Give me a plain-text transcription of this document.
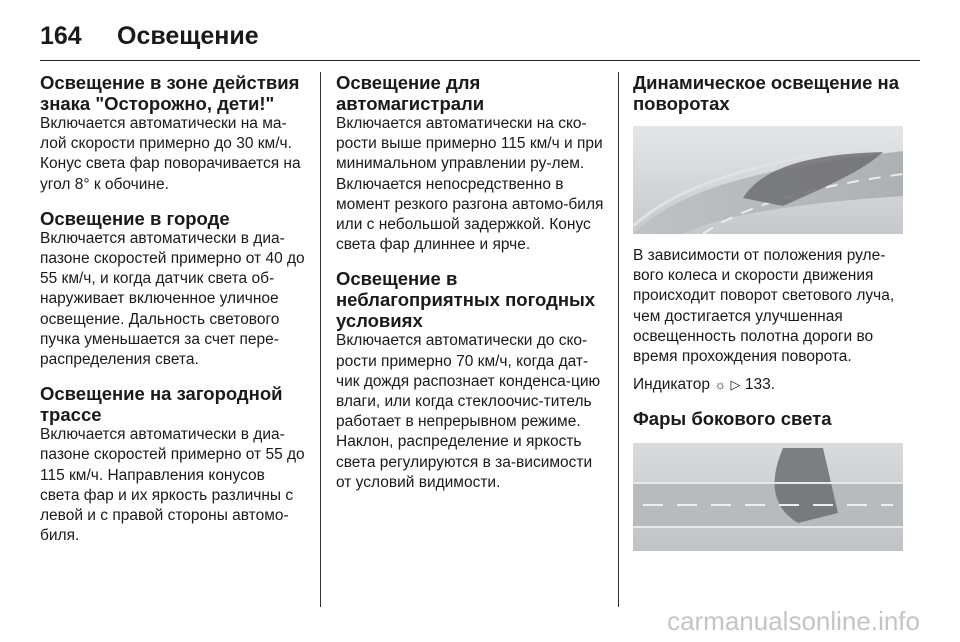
164 Освещение
Освещение в зоне действия знака "Осторожно, дети!"

Включается автоматически на ма-лой скорости примерно до 30 км/ч. Конус света фар поворачивается на угол 8° к обочине.

Освещение в городе

Включается автоматически в диа-пазоне скоростей примерно от 40 до 55 км/ч, и когда датчик света об-наруживает включенное уличное освещение. Дальность светового пучка уменьшается за счет пере-распределения света.

Освещение на загородной трассе

Включается автоматически в диа-пазоне скоростей примерно от 55 до 115 км/ч. Направления конусов света фар и их яркость различны с левой и с правой стороны автомо-биля.

Освещение для автомагистрали

Включается автоматически на ско-рости выше примерно 115 км/ч и при минимальном управлении ру-лем. Включается непосредственно в момент резкого разгона автомо-биля или с небольшой задержкой. Конус света фар длиннее и ярче.

Освещение в неблагоприятных погодных условиях

Включается автоматически до ско-рости примерно 70 км/ч, когда дат-чик дождя распознает конденса-цию влаги, или когда стеклоочис-титель работает в непрерывном режиме. Наклон, распределение и яркость света регулируются в за-висимости от условий видимости.

Динамическое освещение на поворотах

В зависимости от положения руле-вого колеса и скорости движения происходит поворот светового луча, чем достигается улучшенная освещенность полотна дороги во время прохождения поворота.

Индикатор ☼ ▷ 133.

Фары бокового света
carmanualsonline.info
